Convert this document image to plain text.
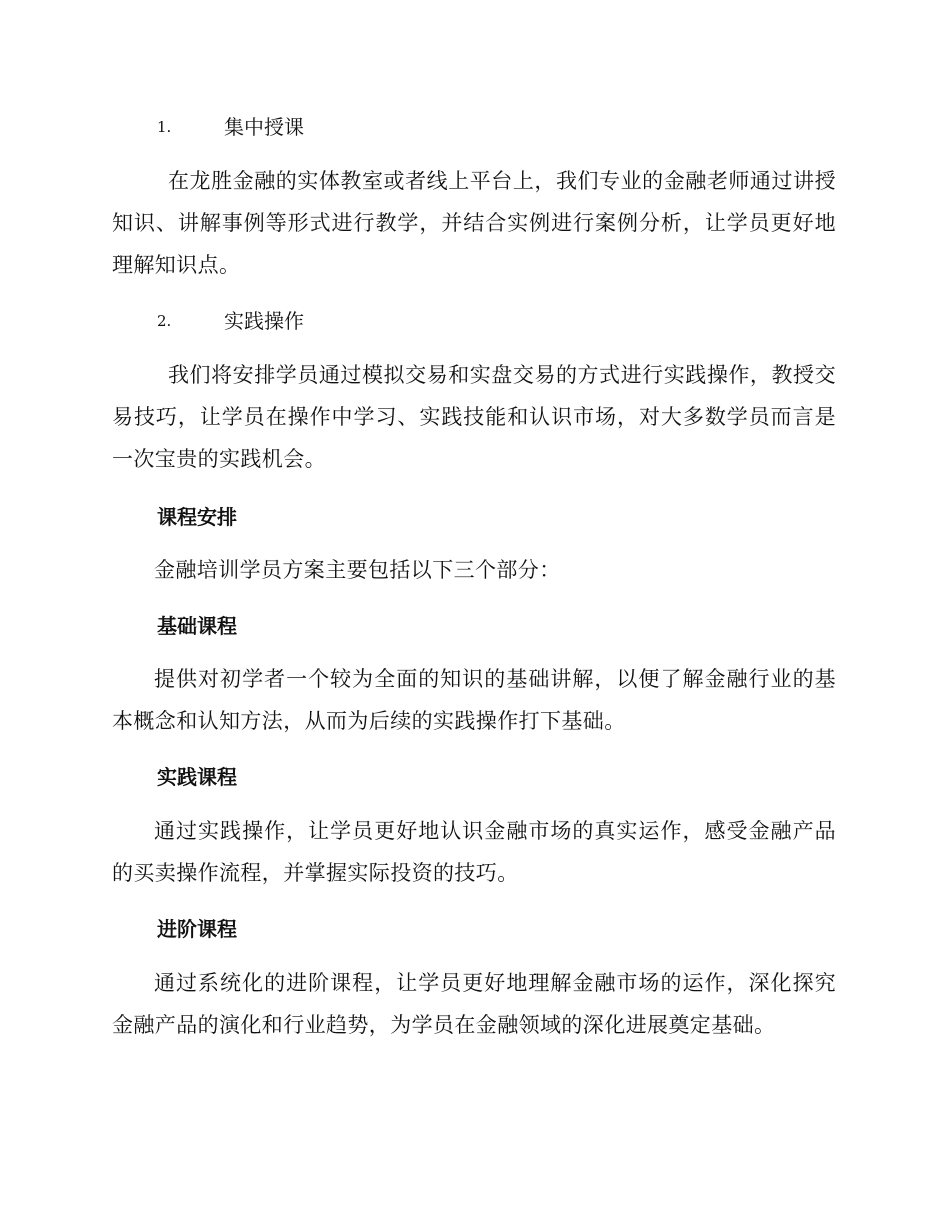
1.	集中授课

在龙胜金融的实体教室或者线上平台上，我们专业的金融老师通过讲授知识、讲解事例等形式进行教学，并结合实例进行案例分析，让学员更好地理解知识点。

2.	实践操作

我们将安排学员通过模拟交易和实盘交易的方式进行实践操作，教授交易技巧，让学员在操作中学习、实践技能和认识市场，对大多数学员而言是一次宝贵的实践机会。

课程安排

金融培训学员方案主要包括以下三个部分：

基础课程

提供对初学者一个较为全面的知识的基础讲解，以便了解金融行业的基本概念和认知方法，从而为后续的实践操作打下基础。

实践课程

通过实践操作，让学员更好地认识金融市场的真实运作，感受金融产品的买卖操作流程，并掌握实际投资的技巧。

进阶课程

通过系统化的进阶课程，让学员更好地理解金融市场的运作，深化探究金融产品的演化和行业趋势，为学员在金融领域的深化进展奠定基础。
